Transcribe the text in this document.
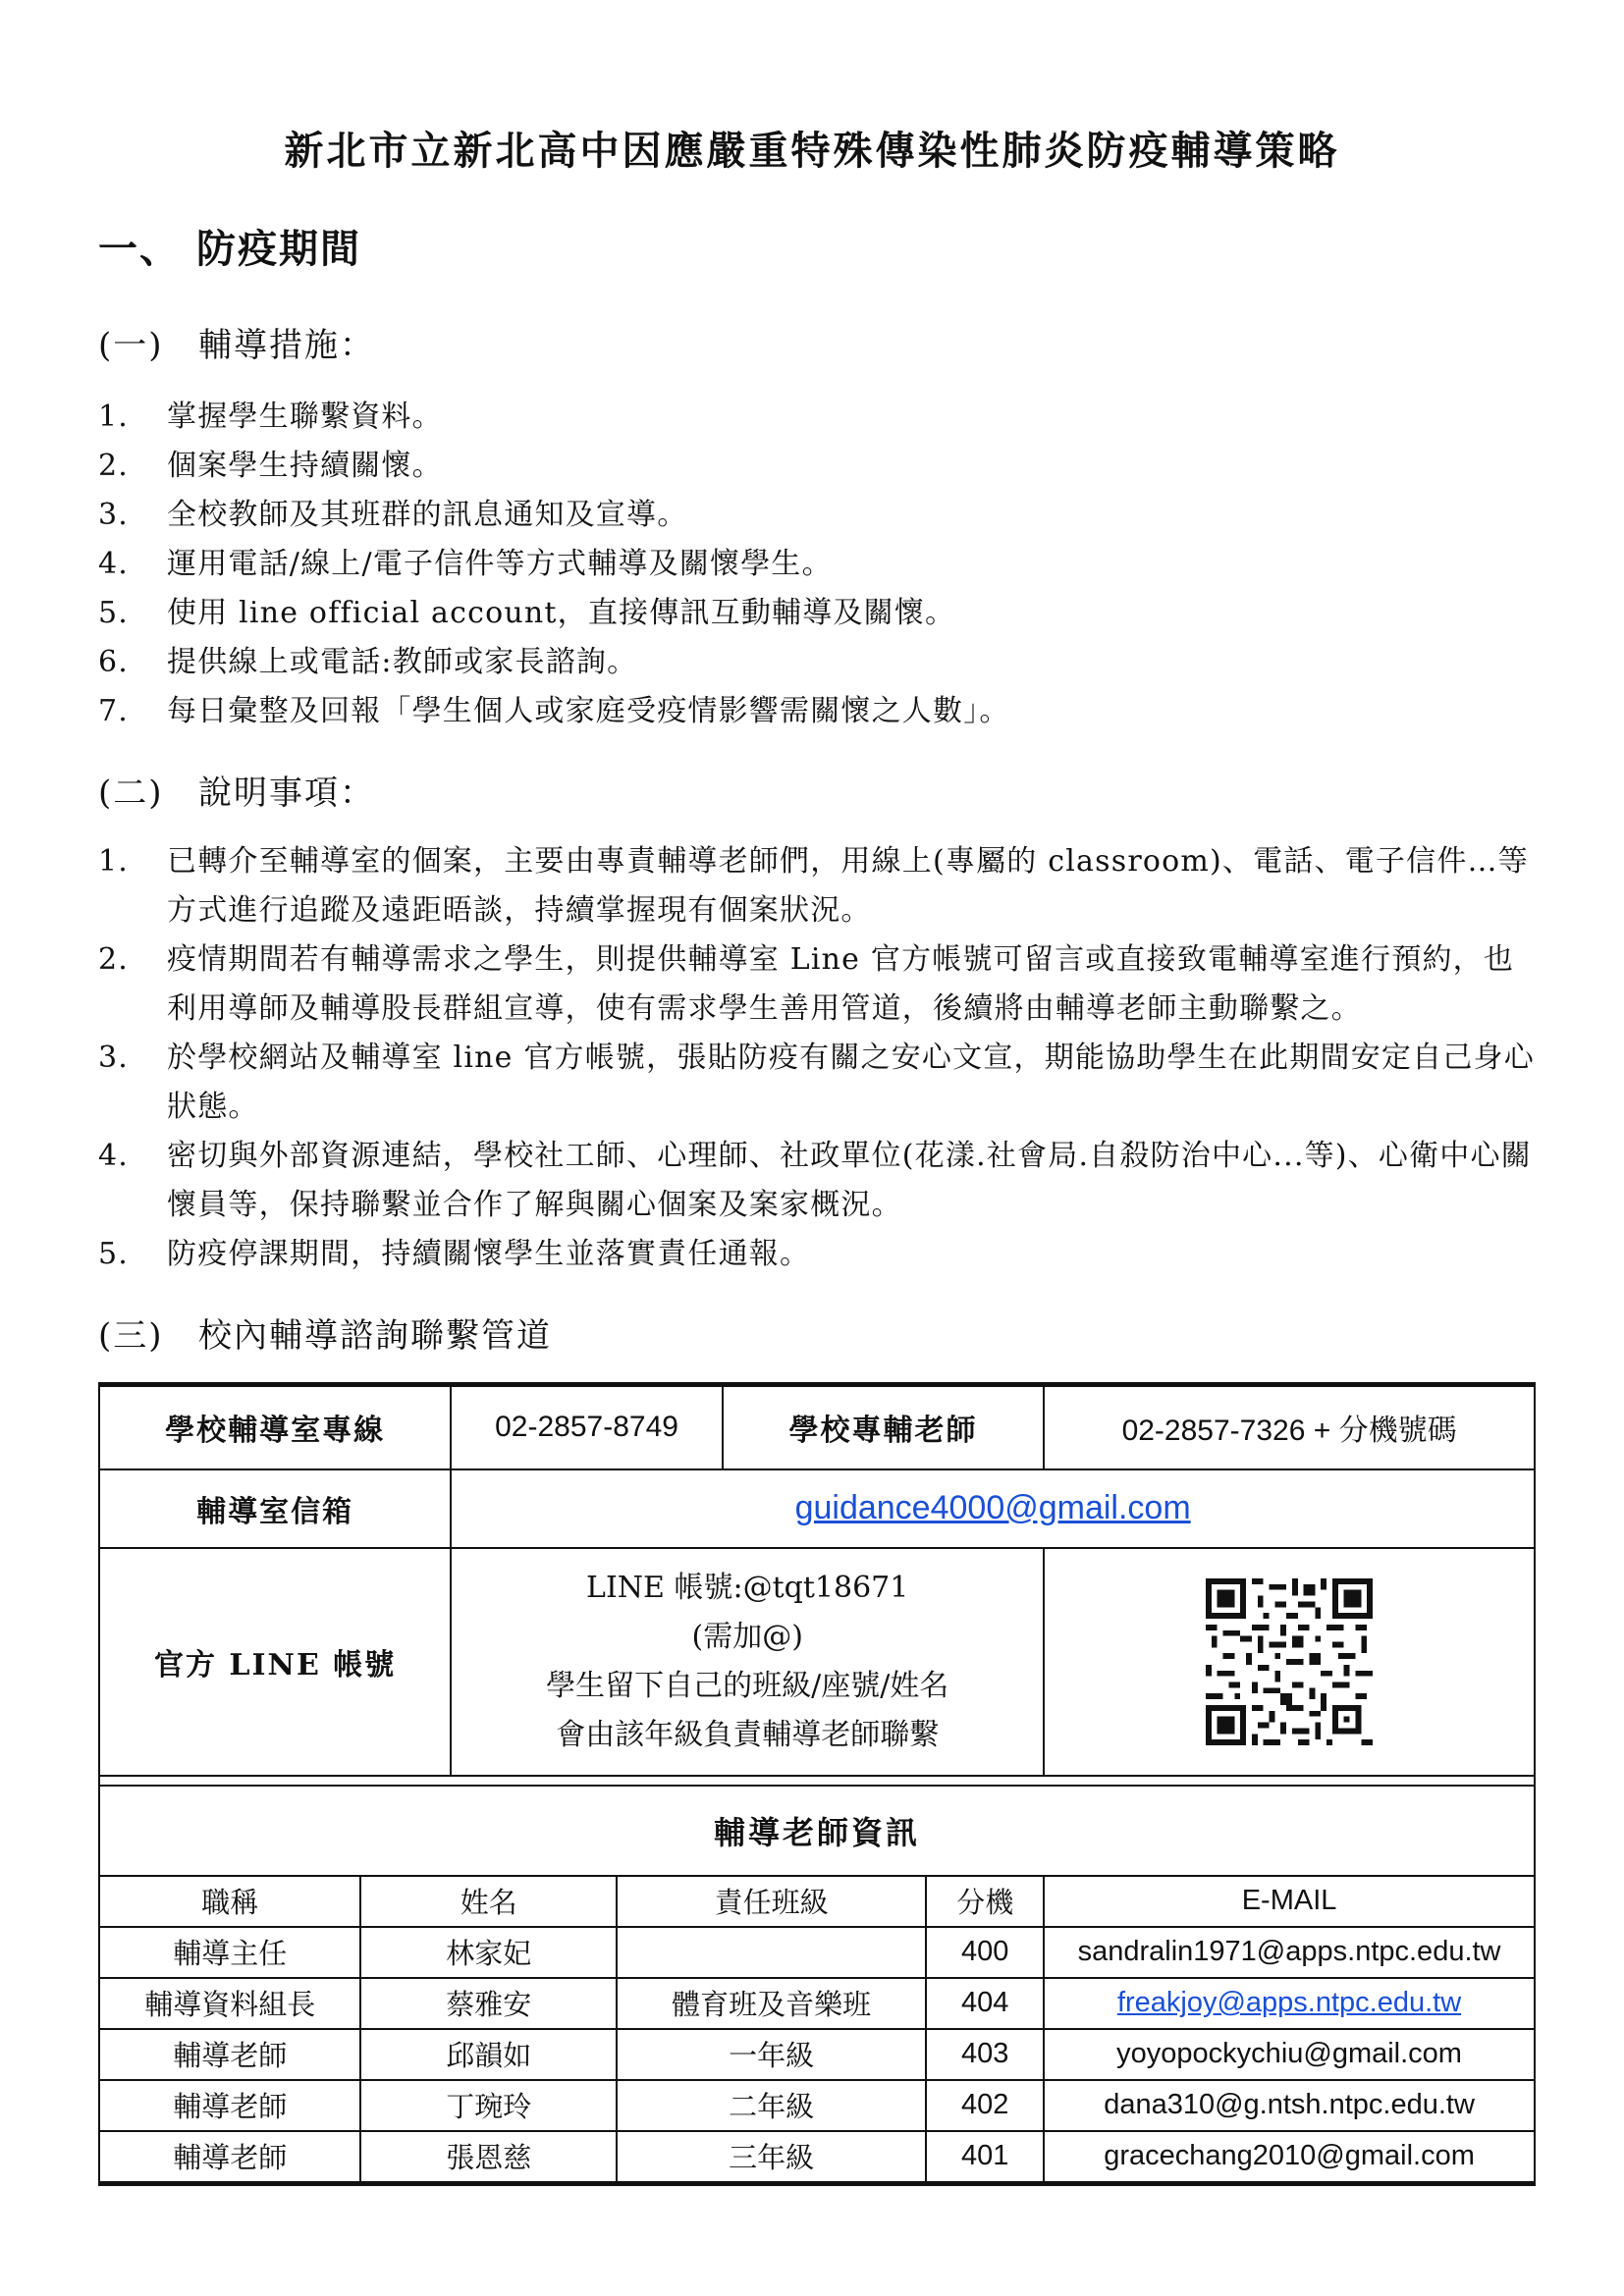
新北市立新北高中因應嚴重特殊傳染性肺炎防疫輔導策略
一、 防疫期間
(一) 輔導措施：
1. 掌握學生聯繫資料。
2. 個案學生持續關懷。
3. 全校教師及其班群的訊息通知及宣導。
4. 運用電話/線上/電子信件等方式輔導及關懷學生。
5. 使用 line official account，直接傳訊互動輔導及關懷。
6. 提供線上或電話:教師或家長諮詢。
7. 每日彙整及回報「學生個人或家庭受疫情影響需關懷之人數」。
(二) 說明事項：
1. 已轉介至輔導室的個案，主要由專責輔導老師們，用線上(專屬的 classroom)、電話、電子信件…等方式進行追蹤及遠距晤談，持續掌握現有個案狀況。
2. 疫情期間若有輔導需求之學生，則提供輔導室 Line 官方帳號可留言或直接致電輔導室進行預約，也利用導師及輔導股長群組宣導，使有需求學生善用管道，後續將由輔導老師主動聯繫之。
3. 於學校網站及輔導室 line 官方帳號，張貼防疫有關之安心文宣，期能協助學生在此期間安定自己身心狀態。
4. 密切與外部資源連結，學校社工師、心理師、社政單位(花漾.社會局.自殺防治中心...等)、心衛中心關懷員等，保持聯繫並合作了解與關心個案及案家概況。
5. 防疫停課期間，持續關懷學生並落實責任通報。
(三) 校內輔導諮詢聯繫管道
學校輔導室專線		02-2857-8749		學校專輔老師		02-2857-7326 + 分機號碼
輔導室信箱		guidance4000@gmail.com				
官方 LINE 帳號		LINE 帳號:@tqt18671
(需加@)
學生留下自己的班級/座號/姓名
會由該年級負責輔導老師聯繫

輔導老師資訊						
職稱	姓名		責任班級		分機	E-MAIL
輔導主任	林家妃				400	sandralin1971@apps.ntpc.edu.tw
輔導資料組長	蔡雅安		體育班及音樂班		404	freakjoy@apps.ntpc.edu.tw
輔導老師	邱韻如		一年級		403	yoyopockychiu@gmail.com
輔導老師	丁琬玲		二年級		402	dana310@g.ntsh.ntpc.edu.tw
輔導老師	張恩慈		三年級		401	gracechang2010@gmail.com
